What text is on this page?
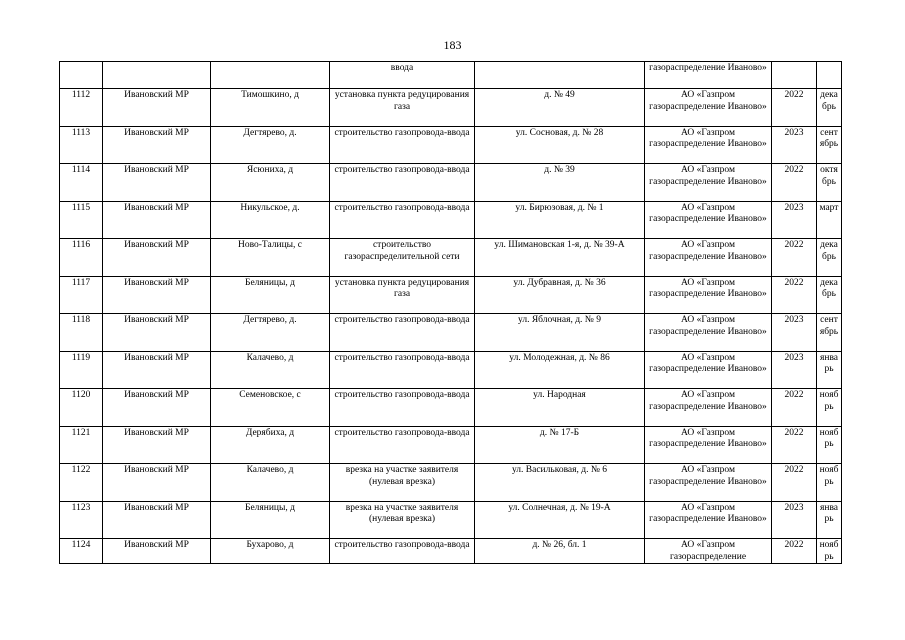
183
			ввода		газораспределение Иваново»		
1112	Ивановский МР	Тимошкино, д	установка пункта редуцирования газа	д. № 49	АО «Газпром газораспределение Иваново»	2022	декабрь
1113	Ивановский МР	Дегтярево, д.	строительство газопровода-ввода	ул. Сосновая, д. № 28	АО «Газпром газораспределение Иваново»	2023	сентябрь
1114	Ивановский МР	Ясюниха, д	строительство газопровода-ввода	д. № 39	АО «Газпром газораспределение Иваново»	2022	октябрь
1115	Ивановский МР	Никульское, д.	строительство газопровода-ввода	ул. Бирюзовая, д. № 1	АО «Газпром газораспределение Иваново»	2023	март
1116	Ивановский МР	Ново-Талицы, с	строительство газораспределительной сети	ул. Шимановская 1-я, д. № 39-А	АО «Газпром газораспределение Иваново»	2022	декабрь
1117	Ивановский МР	Беляницы, д	установка пункта редуцирования газа	ул. Дубравная, д. № 36	АО «Газпром газораспределение Иваново»	2022	декабрь
1118	Ивановский МР	Дегтярево, д.	строительство газопровода-ввода	ул. Яблочная, д. № 9	АО «Газпром газораспределение Иваново»	2023	сентябрь
1119	Ивановский МР	Калачево, д	строительство газопровода-ввода	ул. Молодежная, д. № 86	АО «Газпром газораспределение Иваново»	2023	январь
1120	Ивановский МР	Семеновское, с	строительство газопровода-ввода	ул. Народная	АО «Газпром газораспределение Иваново»	2022	ноябрь
1121	Ивановский МР	Дерябиха, д	строительство газопровода-ввода	д. № 17-Б	АО «Газпром газораспределение Иваново»	2022	ноябрь
1122	Ивановский МР	Калачево, д	врезка на участке заявителя (нулевая врезка)	ул. Васильковая, д. № 6	АО «Газпром газораспределение Иваново»	2022	ноябрь
1123	Ивановский МР	Беляницы, д	врезка на участке заявителя (нулевая врезка)	ул. Солнечная, д. № 19-А	АО «Газпром газораспределение Иваново»	2023	январь
1124	Ивановский МР	Бухарово, д	строительство газопровода-ввода	д. № 26, бл. 1	АО «Газпром газораспределение	2022	ноябрь
